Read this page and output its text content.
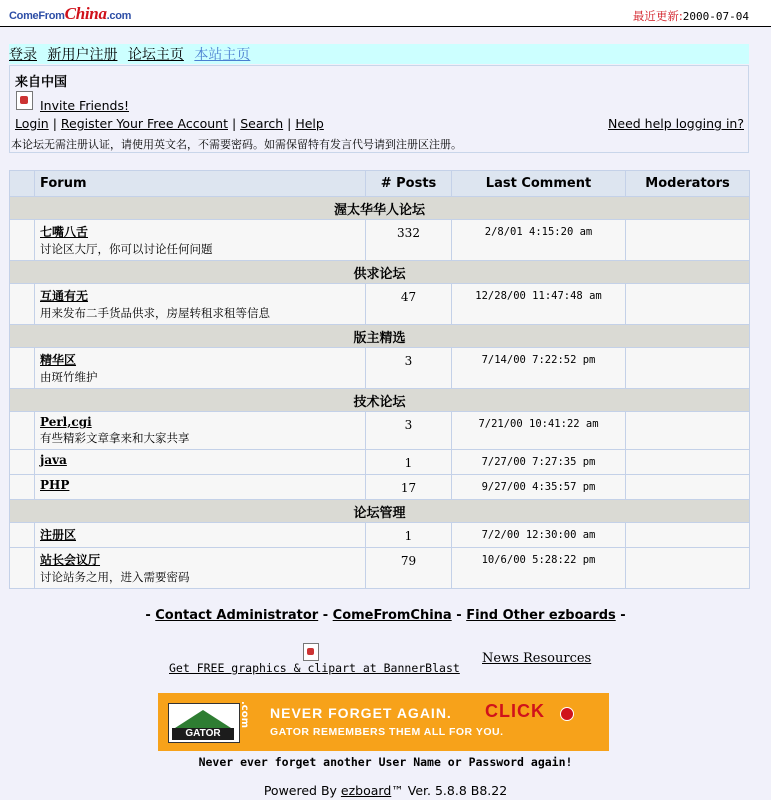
ComeFromChina.com	最近更新:2000-07-04
登录 新用户注册 论坛主页 本站主页
来自中国
Invite Friends!
Login | Register Your Free Account | Search | Help	Need help logging in?
本论坛无需注册认证，请使用英文名，不需要密码。如需保留特有发言代号请到注册区注册。
	Forum	# Posts	Last Comment	Moderators
渥太华华人论坛				

	七嘴八舌
讨论区大厅，你可以讨论任何问题	332	2/8/01 4:15:20 am	
供求论坛				

	互通有无
用来发布二手货品供求，房屋转租求租等信息	47	12/28/00 11:47:48 am	
版主精选				

	精华区
由斑竹维护	3	7/14/00 7:22:52 pm	
技术论坛				

	Perl,cgi
有些精彩文章拿来和大家共享	3	7/21/00 10:41:22 am	

	java	1	7/27/00 7:27:35 pm	

	PHP	17	9/27/00 4:35:57 pm	
论坛管理				

	注册区	1	7/2/00 12:30:00 am	

	站长会议厅
讨论站务之用，进入需要密码	79	10/6/00 5:28:22 pm	
- Contact Administrator - ComeFromChina - Find Other ezboards -
Get FREE graphics & clipart at BannerBlast
News Resources
GATOR
.com NEVER FORGET AGAIN. CLICK
GATOR REMEMBERS THEM ALL FOR YOU.
Never ever forget another User Name or Password again!
Powered By ezboard™ Ver. 5.8.8 B8.22
